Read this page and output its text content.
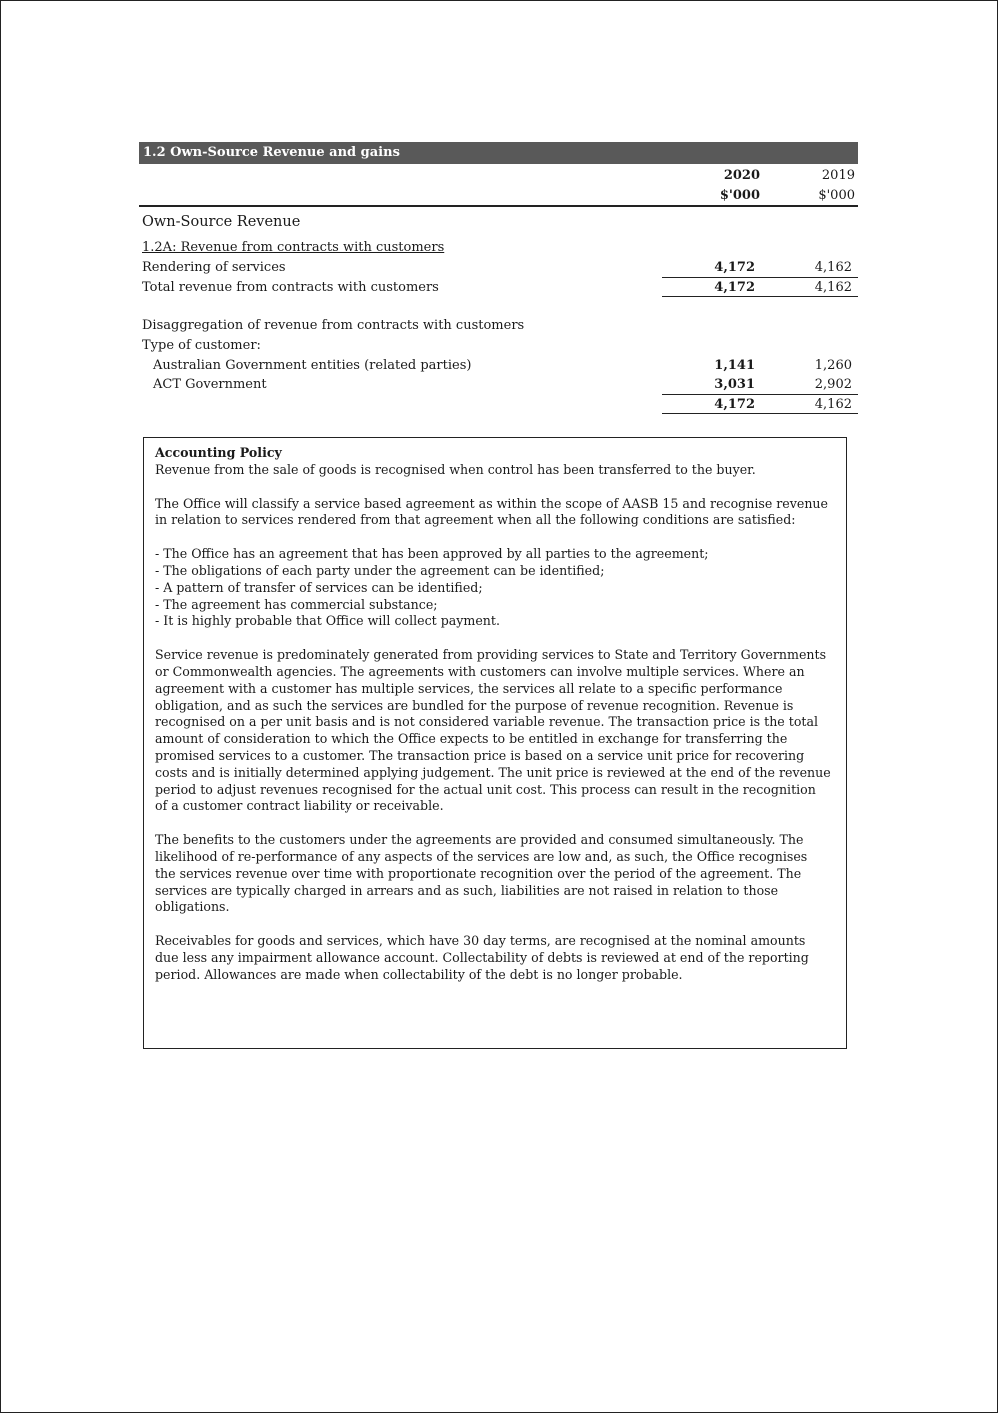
1.2 Own-Source Revenue and gains
2020	2019
$'000	$'000
Own-Source Revenue
1.2A: Revenue from contracts with customers
Rendering of services	4,172	4,162
Total revenue from contracts with customers	4,172	4,162
Disaggregation of revenue from contracts with customers
Type of customer:
Australian Government entities (related parties)	1,141	1,260
ACT Government	3,031	2,902
4,172	4,162

Accounting Policy

Revenue from the sale of goods is recognised when control has been transferred to the buyer.

The Office will classify a service based agreement as within the scope of AASB 15 and recognise revenue in relation to services rendered from that agreement when all the following conditions are satisfied:

- The Office has an agreement that has been approved by all parties to the agreement;
- The obligations of each party under the agreement can be identified;
- A pattern of transfer of services can be identified;
- The agreement has commercial substance;
- It is highly probable that Office will collect payment.

Service revenue is predominately generated from providing services to State and Territory Governments or Commonwealth agencies. The agreements with customers can involve multiple services. Where an agreement with a customer has multiple services, the services all relate to a specific performance obligation, and as such the services are bundled for the purpose of revenue recognition. Revenue is recognised on a per unit basis and is not considered variable revenue. The transaction price is the total amount of consideration to which the Office expects to be entitled in exchange for transferring the promised services to a customer. The transaction price is based on a service unit price for recovering costs and is initially determined applying judgement. The unit price is reviewed at the end of the revenue period to adjust revenues recognised for the actual unit cost. This process can result in the recognition of a customer contract liability or receivable.

The benefits to the customers under the agreements are provided and consumed simultaneously. The likelihood of re-performance of any aspects of the services are low and, as such, the Office recognises the services revenue over time with proportionate recognition over the period of the agreement. The services are typically charged in arrears and as such, liabilities are not raised in relation to those obligations.

Receivables for goods and services, which have 30 day terms, are recognised at the nominal amounts due less any impairment allowance account. Collectability of debts is reviewed at end of the reporting period. Allowances are made when collectability of the debt is no longer probable.
